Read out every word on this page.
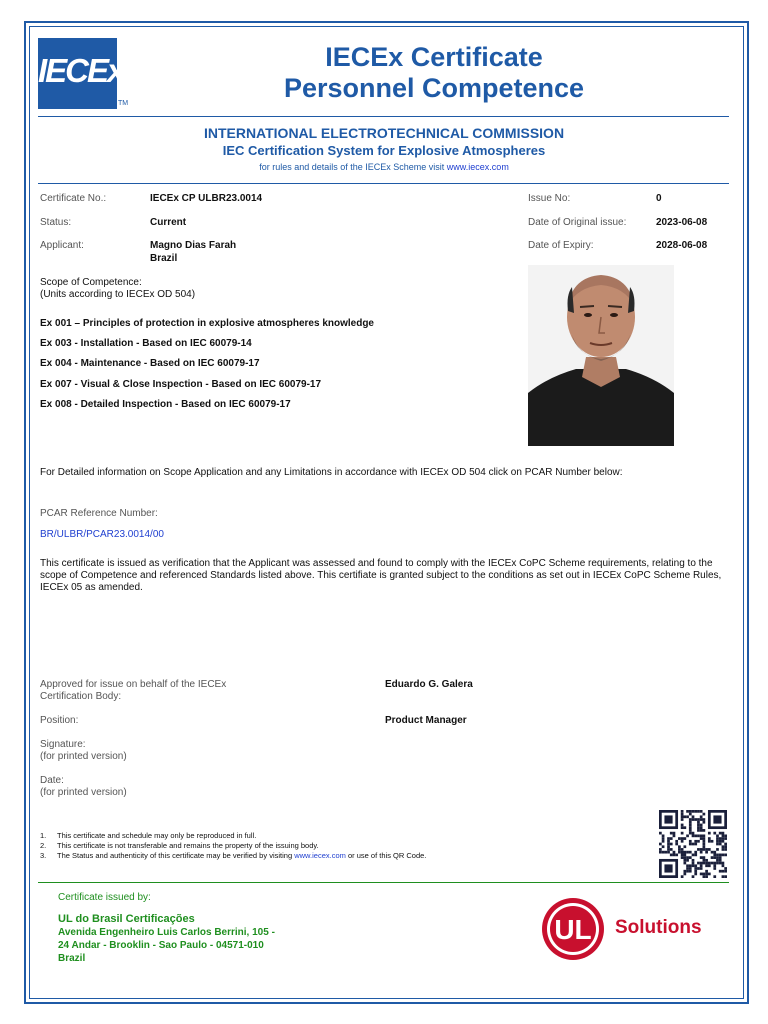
IECEx
TM
IECEx Certificate
Personnel Competence
INTERNATIONAL ELECTROTECHNICAL COMMISSION
IEC Certification System for Explosive Atmospheres
for rules and details of the IECEx Scheme visit www.iecex.com
Certificate No.:	IECEx CP ULBR23.0014
Status:	Current
Applicant:	Magno Dias Farah
Brazil
Issue No:	0
Date of Original issue:	2023-06-08
Date of Expiry:	2028-06-08
Scope of Competence:
(Units according to IECEx OD 504)
Ex 001 – Principles of protection in explosive atmospheres knowledge
Ex 003 - Installation - Based on IEC 60079-14
Ex 004 - Maintenance - Based on IEC 60079-17
Ex 007 - Visual & Close Inspection - Based on IEC 60079-17
Ex 008 - Detailed Inspection - Based on IEC 60079-17
For Detailed information on Scope Application and any Limitations in accordance with IECEx OD 504 click on PCAR Number below:
PCAR Reference Number:
BR/ULBR/PCAR23.0014/00
This certificate is issued as verification that the Applicant was assessed and found to comply with the IECEx CoPC Scheme requirements, relating to the scope of Competence and referenced Standards listed above. This certifiate is granted subject to the conditions as set out in IECEx CoPC Scheme Rules, IECEx 05 as amended.
Approved for issue on behalf of the IECEx
Certification Body:
Eduardo G. Galera
Position:	Product Manager
Signature:
(for printed version)
Date:
(for printed version)
1. This certificate and schedule may only be reproduced in full.
2. This certificate is not transferable and remains the property of the issuing body.
3. The Status and authenticity of this certificate may be verified by visiting www.iecex.com or use of this QR Code.
Certificate issued by:
UL do Brasil Certificações
Avenida Engenheiro Luis Carlos Berrini, 105 -
24 Andar - Brooklin - Sao Paulo - 04571-010
Brazil
UL Solutions
